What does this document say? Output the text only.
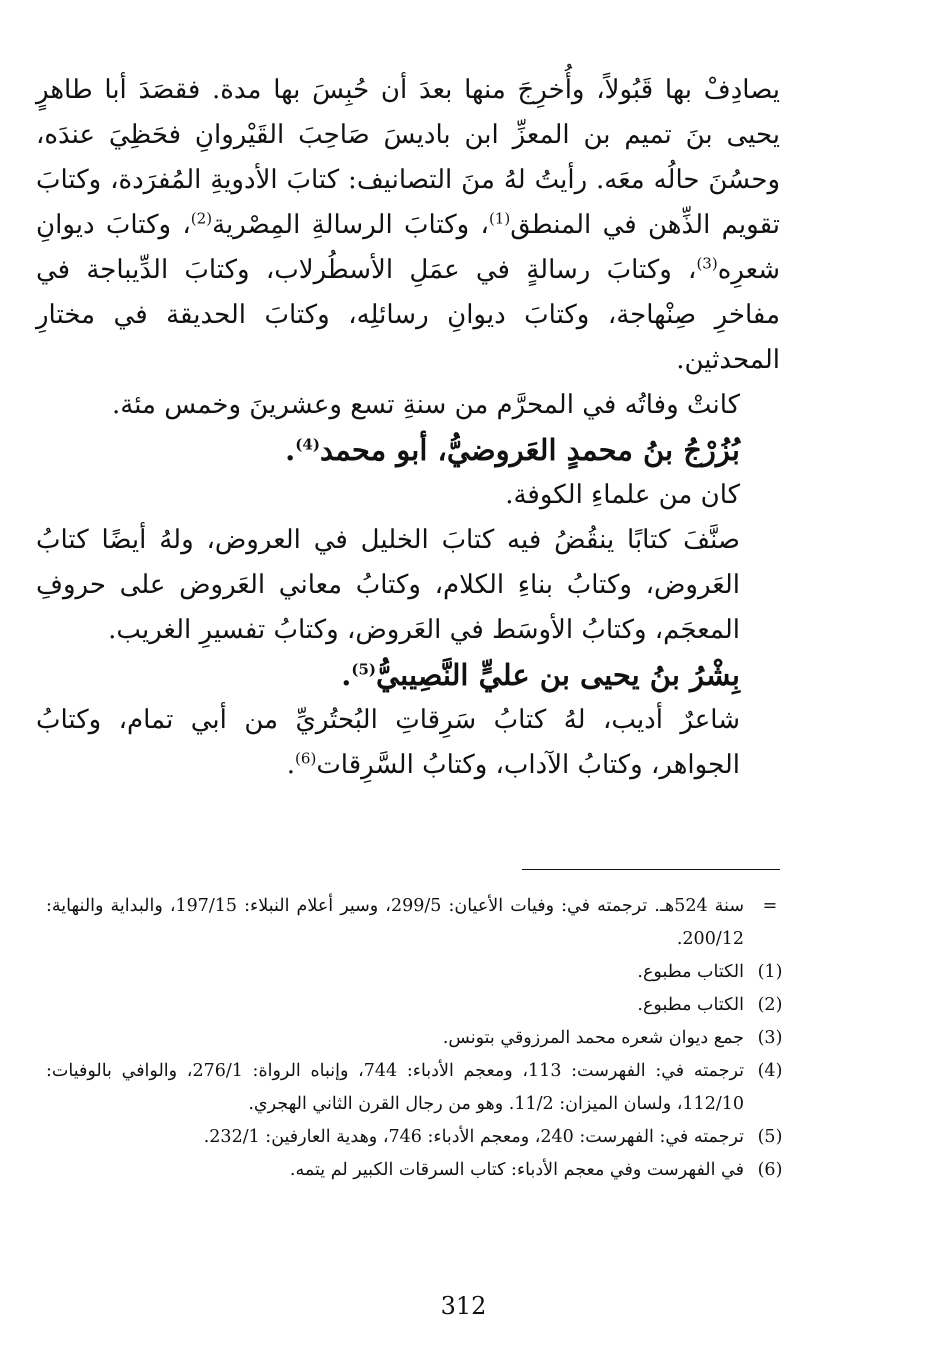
يصادِفْ بها قَبُولاً، وأُخرِجَ منها بعدَ أن حُبِسَ بها مدة. فقصَدَ أبا طاهرٍ يحيى بنَ تميم بن المعزِّ ابن باديسَ صَاحِبَ القَيْروانِ فحَظِيَ عندَه، وحسُنَ حالُه معَه. رأيتُ لهُ منَ التصانيف: كتابَ الأدويةِ المُفرَدة، وكتابَ تقويم الذِّهن في المنطق$^{(1)}$، وكتابَ الرسالةِ المِصْرية$^{(2)}$، وكتابَ ديوانِ شعرِه$^{(3)}$، وكتابَ رسالةٍ في عمَلِ الأسطُرلاب، وكتابَ الدِّيباجة في مفاخرِ صِنْهاجة، وكتابَ ديوانِ رسائلِه، وكتابَ الحديقة في مختارِ المحدثين.

كانتْ وفاتُه في المحرَّم من سنةِ تسع وعشرينَ وخمس مئة.

بُزُرْجُ بنُ محمدٍ العَروضيُّ، أبو محمد$^{(4)}$.

كان من علماءِ الكوفة.

صنَّفَ كتابًا ينقُضُ فيه كتابَ الخليل في العروض، ولهُ أيضًا كتابُ العَروض، وكتابُ بناءِ الكلام، وكتابُ معاني العَروض على حروفِ المعجَم، وكتابُ الأوسَط في العَروض، وكتابُ تفسيرِ الغريب.

بِشْرُ بنُ يحيى بن عليٍّ النَّصِيبيُّ$^{(5)}$.

شاعرٌ أديب، لهُ كتابُ سَرِقاتِ البُحتُريِّ من أبي تمام، وكتابُ الجواهر، وكتابُ الآداب، وكتابُ السَّرِقات$^{(6)}$.

=
سنة 524هـ. ترجمته في: وفيات الأعيان: 299/5، وسير أعلام النبلاء: 197/15، والبداية والنهاية: 200/12.
(1)
الكتاب مطبوع.
(2)
الكتاب مطبوع.
(3)
جمع ديوان شعره محمد المرزوقي بتونس.
(4)
ترجمته في: الفهرست: 113، ومعجم الأدباء: 744، وإنباه الرواة: 276/1، والوافي بالوفيات: 112/10، ولسان الميزان: 11/2. وهو من رجال القرن الثاني الهجري.
(5)
ترجمته في: الفهرست: 240، ومعجم الأدباء: 746، وهدية العارفين: 232/1.
(6)
في الفهرست وفي معجم الأدباء: كتاب السرقات الكبير لم يتمه.
312
